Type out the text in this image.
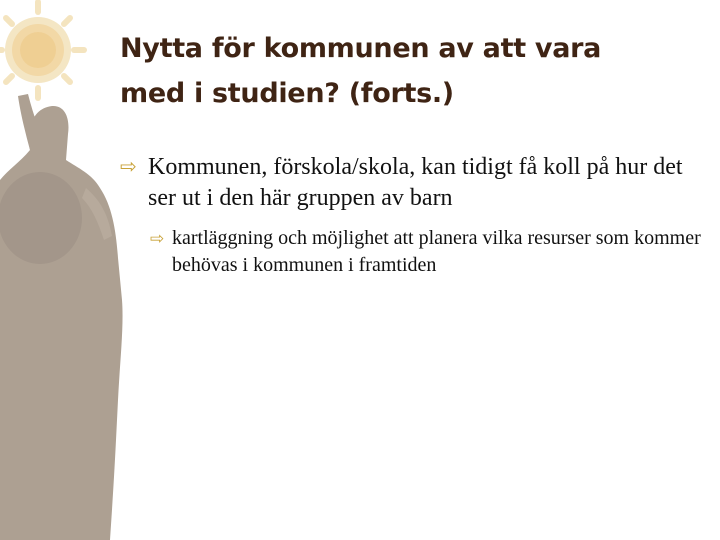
Nytta för kommunen av att vara
med i studien? (forts.)
⇨ Kommunen, förskola/skola, kan tidigt få koll på hur det ser ut i den här gruppen av barn
⇨ kartläggning och möjlighet att planera vilka resurser som kommer behövas i kommunen i framtiden
